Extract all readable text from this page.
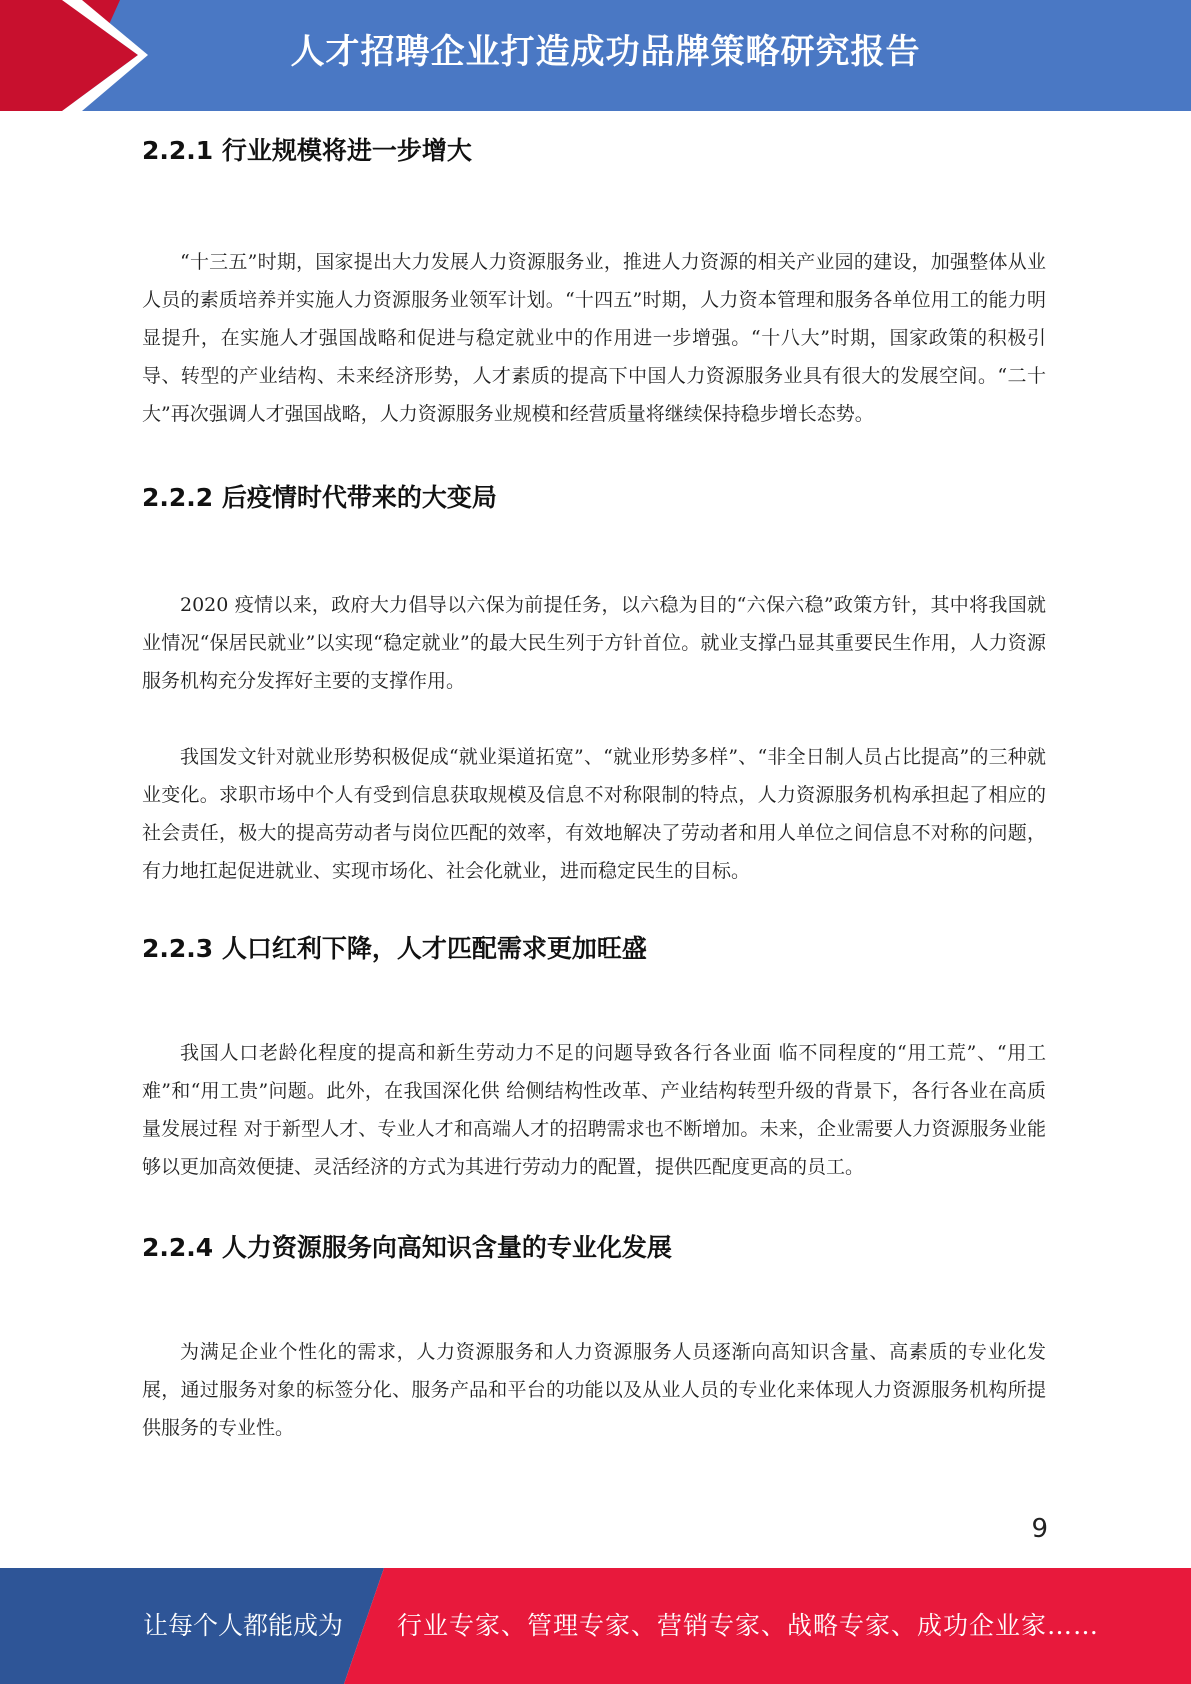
人才招聘企业打造成功品牌策略研究报告
2.2.1 行业规模将进一步增大

“十三五”时期，国家提出大力发展人力资源服务业，推进人力资源的相关产业园的建设，加强整体从业人员的素质培养并实施人力资源服务业领军计划。“十四五”时期，人力资本管理和服务各单位用工的能力明显提升，在实施人才强国战略和促进与稳定就业中的作用进一步增强。“十八大”时期，国家政策的积极引导、转型的产业结构、未来经济形势，人才素质的提高下中国人力资源服务业具有很大的发展空间。“二十大”再次强调人才强国战略，人力资源服务业规模和经营质量将继续保持稳步增长态势。

2.2.2 后疫情时代带来的大变局

2020 疫情以来，政府大力倡导以六保为前提任务，以六稳为目的“六保六稳”政策方针，其中将我国就业情况“保居民就业”以实现“稳定就业”的最大民生列于方针首位。就业支撑凸显其重要民生作用，人力资源服务机构充分发挥好主要的支撑作用。

我国发文针对就业形势积极促成“就业渠道拓宽”、“就业形势多样”、“非全日制人员占比提高”的三种就业变化。求职市场中个人有受到信息获取规模及信息不对称限制的特点，人力资源服务机构承担起了相应的社会责任，极大的提高劳动者与岗位匹配的效率，有效地解决了劳动者和用人单位之间信息不对称的问题，有力地扛起促进就业、实现市场化、社会化就业，进而稳定民生的目标。

2.2.3 人口红利下降，人才匹配需求更加旺盛

我国人口老龄化程度的提高和新生劳动力不足的问题导致各行各业面 临不同程度的“用工荒”、“用工难”和“用工贵”问题。此外，在我国深化供 给侧结构性改革、产业结构转型升级的背景下，各行各业在高质量发展过程 对于新型人才、专业人才和高端人才的招聘需求也不断增加。未来，企业需要人力资源服务业能够以更加高效便捷、灵活经济的方式为其进行劳动力的配置，提供匹配度更高的员工。

2.2.4 人力资源服务向高知识含量的专业化发展

为满足企业个性化的需求，人力资源服务和人力资源服务人员逐渐向高知识含量、高素质的专业化发展，通过服务对象的标签分化、服务产品和平台的功能以及从业人员的专业化来体现人力资源服务机构所提供服务的专业性。

9
让每个人都能成为 行业专家、管理专家、营销专家、战略专家、成功企业家……
